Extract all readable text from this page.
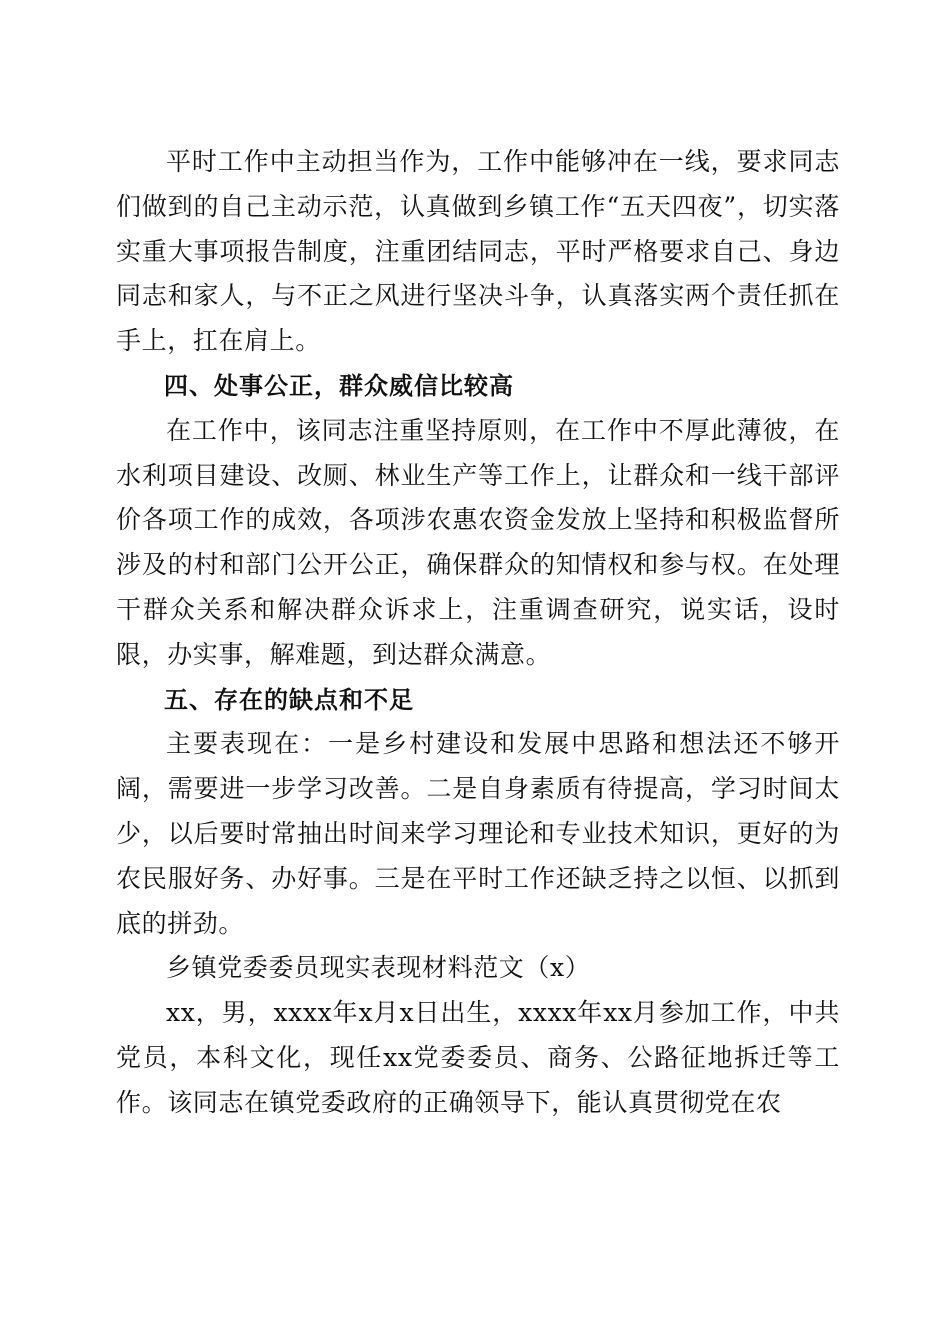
平时工作中主动担当作为，工作中能够冲在一线，要求同志们做到的自己主动示范，认真做到乡镇工作“五天四夜”，切实落实重大事项报告制度，注重团结同志，平时严格要求自己、身边同志和家人，与不正之风进行坚决斗争，认真落实两个责任抓在手上，扛在肩上。

四、处事公正，群众威信比较高

在工作中，该同志注重坚持原则，在工作中不厚此薄彼，在水利项目建设、改厕、林业生产等工作上，让群众和一线干部评价各项工作的成效，各项涉农惠农资金发放上坚持和积极监督所涉及的村和部门公开公正，确保群众的知情权和参与权。在处理干群众关系和解决群众诉求上，注重调查研究，说实话，设时限，办实事，解难题，到达群众满意。

五、存在的缺点和不足

主要表现在：一是乡村建设和发展中思路和想法还不够开阔，需要进一步学习改善。二是自身素质有待提高，学习时间太少，以后要时常抽出时间来学习理论和专业技术知识，更好的为农民服好务、办好事。三是在平时工作还缺乏持之以恒、以抓到底的拼劲。

乡镇党委委员现实表现材料范文（x）

xx，男，xxxx年x月x日出生，xxxx年xx月参加工作，中共党员，本科文化，现任xx党委委员、商务、公路征地拆迁等工作。该同志在镇党委政府的正确领导下，能认真贯彻党在农
